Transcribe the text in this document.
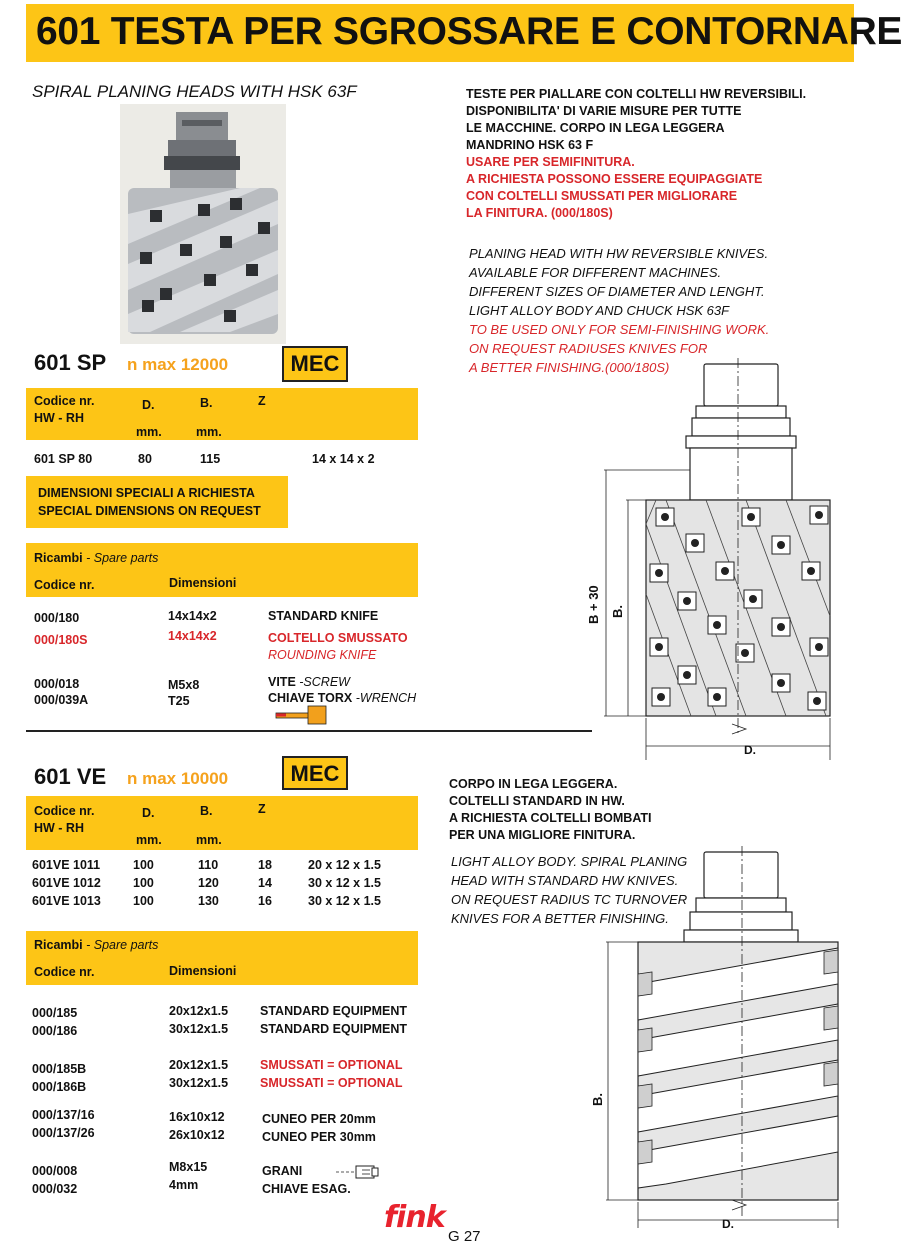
601 TESTA PER SGROSSARE E CONTORNARE
SPIRAL PLANING HEADS WITH HSK 63F	TESTE PER PIALLARE CON COLTELLI HW REVERSIBILI.
DISPONIBILITA' DI VARIE MISURE PER TUTTE
LE MACCHINE. CORPO IN LEGA LEGGERA
MANDRINO HSK 63 F
USARE PER SEMIFINITURA.
A RICHIESTA POSSONO ESSERE EQUIPAGGIATE
CON COLTELLI SMUSSATI PER MIGLIORARE
LA FINITURA. (000/180S)
PLANING HEAD WITH HW REVERSIBLE KNIVES.
AVAILABLE FOR DIFFERENT MACHINES.
DIFFERENT SIZES OF DIAMETER AND LENGHT.
LIGHT ALLOY BODY AND CHUCK HSK 63F
TO BE USED ONLY FOR SEMI-FINISHING WORK.
ON REQUEST RADIUSES KNIVES FOR
A BETTER FINISHING.(000/180S)
601 SP n max 12000	MEC
Codice nr.
HW - RH
D.	B.	Z
mm.	mm.
601 SP 80	80	115	14 x 14 x 2
DIMENSIONI SPECIALI A RICHIESTA
SPECIAL DIMENSIONS ON REQUEST
Ricambi - Spare parts
Codice nr.	Dimensioni
000/180	14x14x2	STANDARD KNIFE
000/180S	14x14x2	COLTELLO SMUSSATO
ROUNDING KNIFE
000/018	M5x8	VITE -SCREW
000/039A	T25	CHIAVE TORX -WRENCH
B + 30 B.
D.
601 VE n max 10000	MEC
Codice nr.
HW - RH
D.	B.	Z
mm.	mm.
601VE 1011	100	110	18	20 x 12 x 1.5
601VE 1012	100	120	14	30 x 12 x 1.5
601VE 1013	100	130	16	30 x 12 x 1.5
Ricambi - Spare parts
Codice nr.	Dimensioni
000/185	20x12x1.5	STANDARD EQUIPMENT
000/186	30x12x1.5	STANDARD EQUIPMENT
000/185B	20x12x1.5	SMUSSATI = OPTIONAL
000/186B	30x12x1.5	SMUSSATI = OPTIONAL
000/137/16	16x10x12	CUNEO PER 20mm
000/137/26	26x10x12	CUNEO PER 30mm
000/008	M8x15	GRANI
000/032	4mm	CHIAVE ESAG.
CORPO IN LEGA LEGGERA.
COLTELLI STANDARD IN HW.
A RICHIESTA COLTELLI BOMBATI
PER UNA MIGLIORE FINITURA.
LIGHT ALLOY BODY. SPIRAL PLANING
HEAD WITH STANDARD HW KNIVES.
ON REQUEST RADIUS TC TURNOVER
KNIVES FOR A BETTER FINISHING.
B.
D.
fink
G 27
